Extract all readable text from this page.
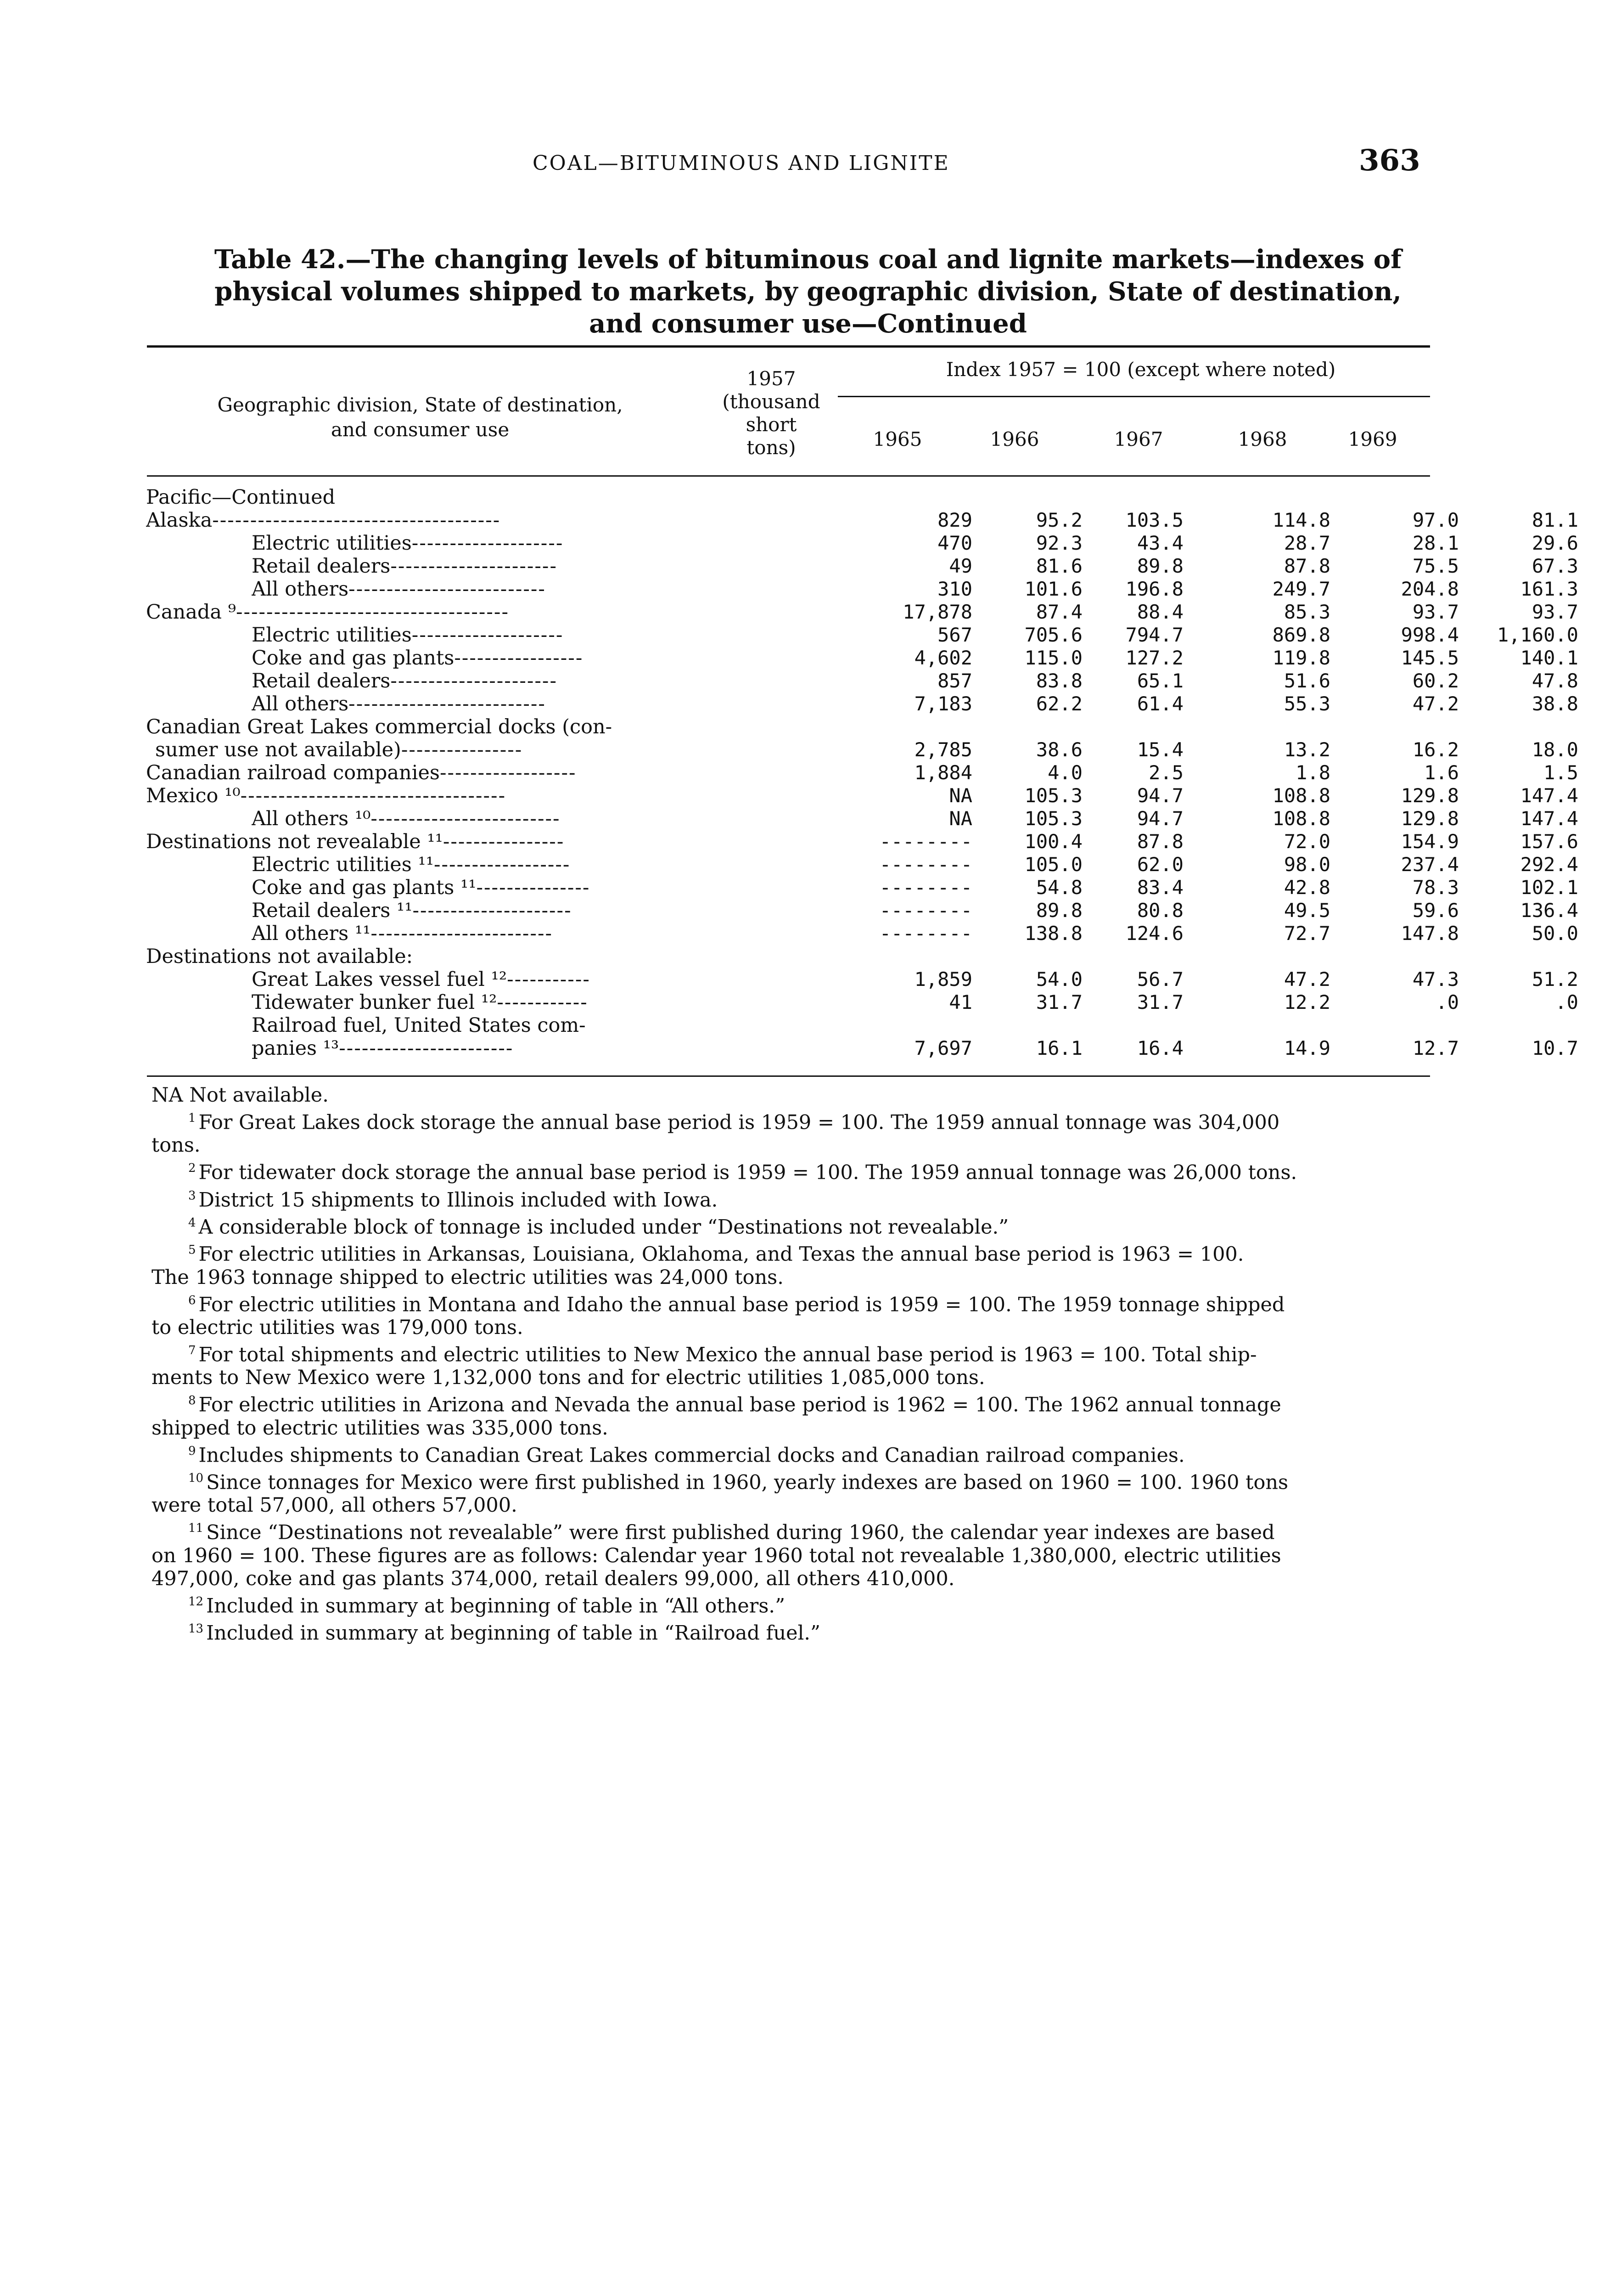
COAL—BITUMINOUS AND LIGNITE	363
Table 42.—The changing levels of bituminous coal and lignite markets—indexes of
physical volumes shipped to markets, by geographic division, State of destination,
and consumer use—Continued
Geographic division, State of destination,
and consumer use
1957
(thousand
short
tons)
Index 1957 = 100 (except where noted)
1965	1966	1967	1968	1969
Pacific—Continued
Alaska--------------------------------------	829	95.2	103.5	114.8	97.0	81.1
Electric utilities--------------------	470	92.3	43.4	28.7	28.1	29.6
Retail dealers----------------------	49	81.6	89.8	87.8	75.5	67.3
All others--------------------------	310	101.6	196.8	249.7	204.8	161.3
Canada ⁹------------------------------------	17,878	87.4	88.4	85.3	93.7	93.7
Electric utilities--------------------	567	705.6	794.7	869.8	998.4	1,160.0
Coke and gas plants-----------------	4,602	115.0	127.2	119.8	145.5	140.1
Retail dealers----------------------	857	83.8	65.1	51.6	60.2	47.8
All others--------------------------	7,183	62.2	61.4	55.3	47.2	38.8
Canadian Great Lakes commercial docks (con-
sumer use not available)----------------	2,785	38.6	15.4	13.2	16.2	18.0
Canadian railroad companies------------------	1,884	4.0	2.5	1.8	1.6	1.5
Mexico ¹⁰-----------------------------------	NA	105.3	94.7	108.8	129.8	147.4
All others ¹⁰-------------------------	NA	105.3	94.7	108.8	129.8	147.4
Destinations not revealable ¹¹----------------	--------	100.4	87.8	72.0	154.9	157.6
Electric utilities ¹¹------------------	--------	105.0	62.0	98.0	237.4	292.4
Coke and gas plants ¹¹---------------	--------	54.8	83.4	42.8	78.3	102.1
Retail dealers ¹¹---------------------	--------	89.8	80.8	49.5	59.6	136.4
All others ¹¹------------------------	--------	138.8	124.6	72.7	147.8	50.0
Destinations not available:
Great Lakes vessel fuel ¹²-----------	1,859	54.0	56.7	47.2	47.3	51.2
Tidewater bunker fuel ¹²------------	41	31.7	31.7	12.2	.0	.0
Railroad fuel, United States com-
panies ¹³-----------------------	7,697	16.1	16.4	14.9	12.7	10.7
NA Not available.
$^1$ For Great Lakes dock storage the annual base period is 1959 = 100. The 1959 annual tonnage was 304,000
tons.
$^2$ For tidewater dock storage the annual base period is 1959 = 100. The 1959 annual tonnage was 26,000 tons.
$^3$ District 15 shipments to Illinois included with Iowa.
$^4$ A considerable block of tonnage is included under “Destinations not revealable.”
$^5$ For electric utilities in Arkansas, Louisiana, Oklahoma, and Texas the annual base period is 1963 = 100.
The 1963 tonnage shipped to electric utilities was 24,000 tons.
$^6$ For electric utilities in Montana and Idaho the annual base period is 1959 = 100. The 1959 tonnage shipped
to electric utilities was 179,000 tons.
$^7$ For total shipments and electric utilities to New Mexico the annual base period is 1963 = 100. Total ship-
ments to New Mexico were 1,132,000 tons and for electric utilities 1,085,000 tons.
$^8$ For electric utilities in Arizona and Nevada the annual base period is 1962 = 100. The 1962 annual tonnage
shipped to electric utilities was 335,000 tons.
$^9$ Includes shipments to Canadian Great Lakes commercial docks and Canadian railroad companies.
$^{10}$ Since tonnages for Mexico were first published in 1960, yearly indexes are based on 1960 = 100. 1960 tons
were total 57,000, all others 57,000.
$^{11}$ Since “Destinations not revealable” were first published during 1960, the calendar year indexes are based
on 1960 = 100. These figures are as follows: Calendar year 1960 total not revealable 1,380,000, electric utilities
497,000, coke and gas plants 374,000, retail dealers 99,000, all others 410,000.
$^{12}$ Included in summary at beginning of table in “All others.”
$^{13}$ Included in summary at beginning of table in “Railroad fuel.”
